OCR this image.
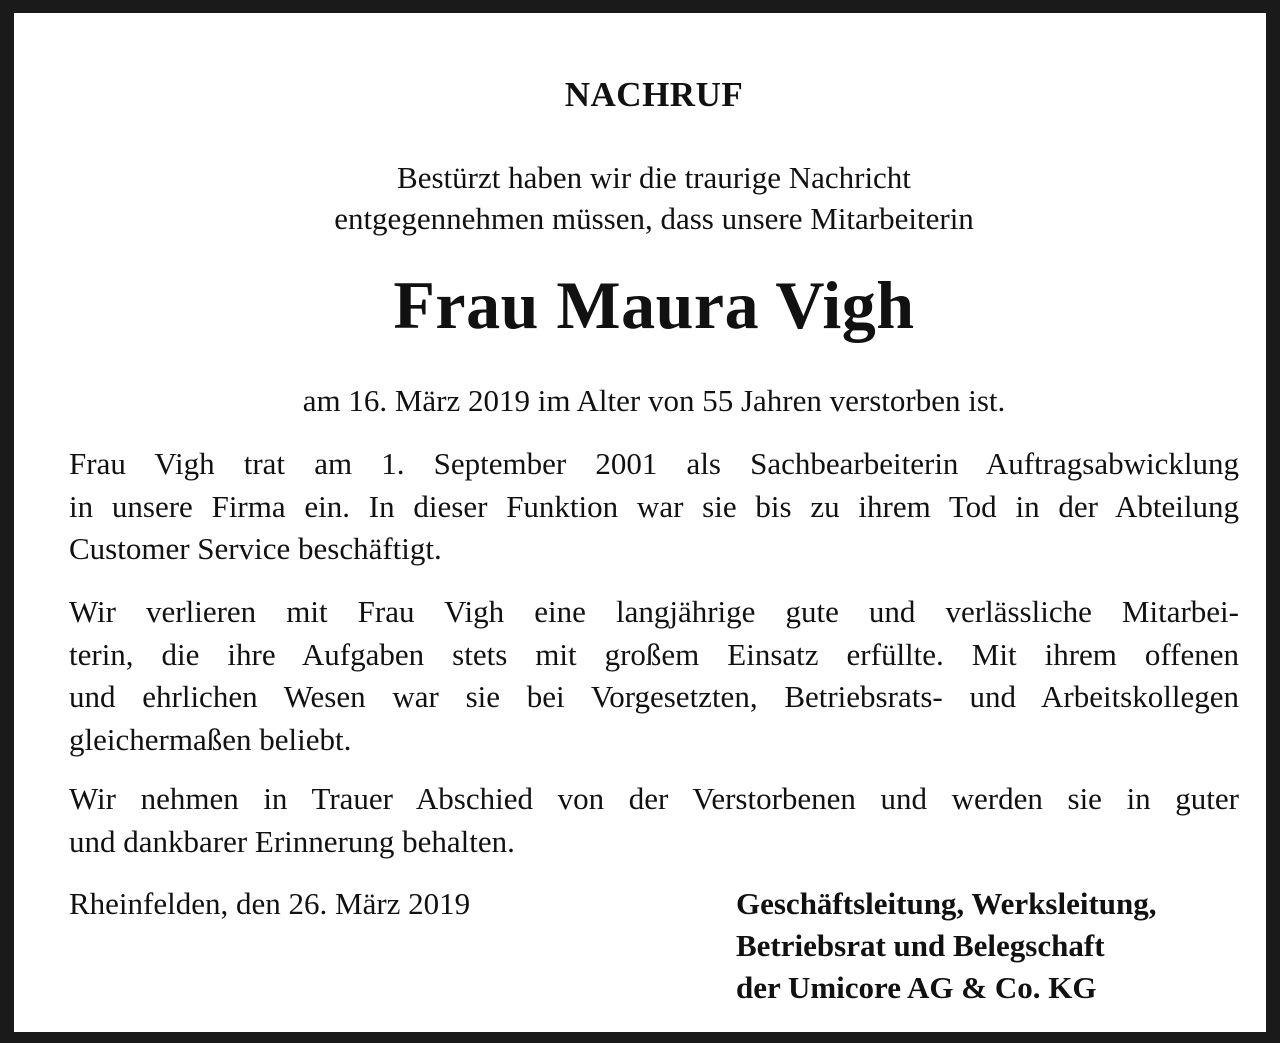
NACHRUF
Bestürzt haben wir die traurige Nachricht
entgegennehmen müssen, dass unsere Mitarbeiterin
Frau Maura Vigh
am 16. März 2019 im Alter von 55 Jahren verstorben ist.
Frau Vigh trat am 1. September 2001 als Sachbearbeiterin Auftragsabwicklung
in unsere Firma ein. In dieser Funktion war sie bis zu ihrem Tod in der Abteilung
Customer Service beschäftigt.
Wir verlieren mit Frau Vigh eine langjährige gute und verlässliche Mitarbei-
terin, die ihre Aufgaben stets mit großem Einsatz erfüllte. Mit ihrem offenen
und ehrlichen Wesen war sie bei Vorgesetzten, Betriebsrats- und Arbeitskollegen
gleichermaßen beliebt.
Wir nehmen in Trauer Abschied von der Verstorbenen und werden sie in guter
und dankbarer Erinnerung behalten.
Rheinfelden, den 26. März 2019	Geschäftsleitung, Werksleitung,
Betriebsrat und Belegschaft
der Umicore AG & Co. KG
